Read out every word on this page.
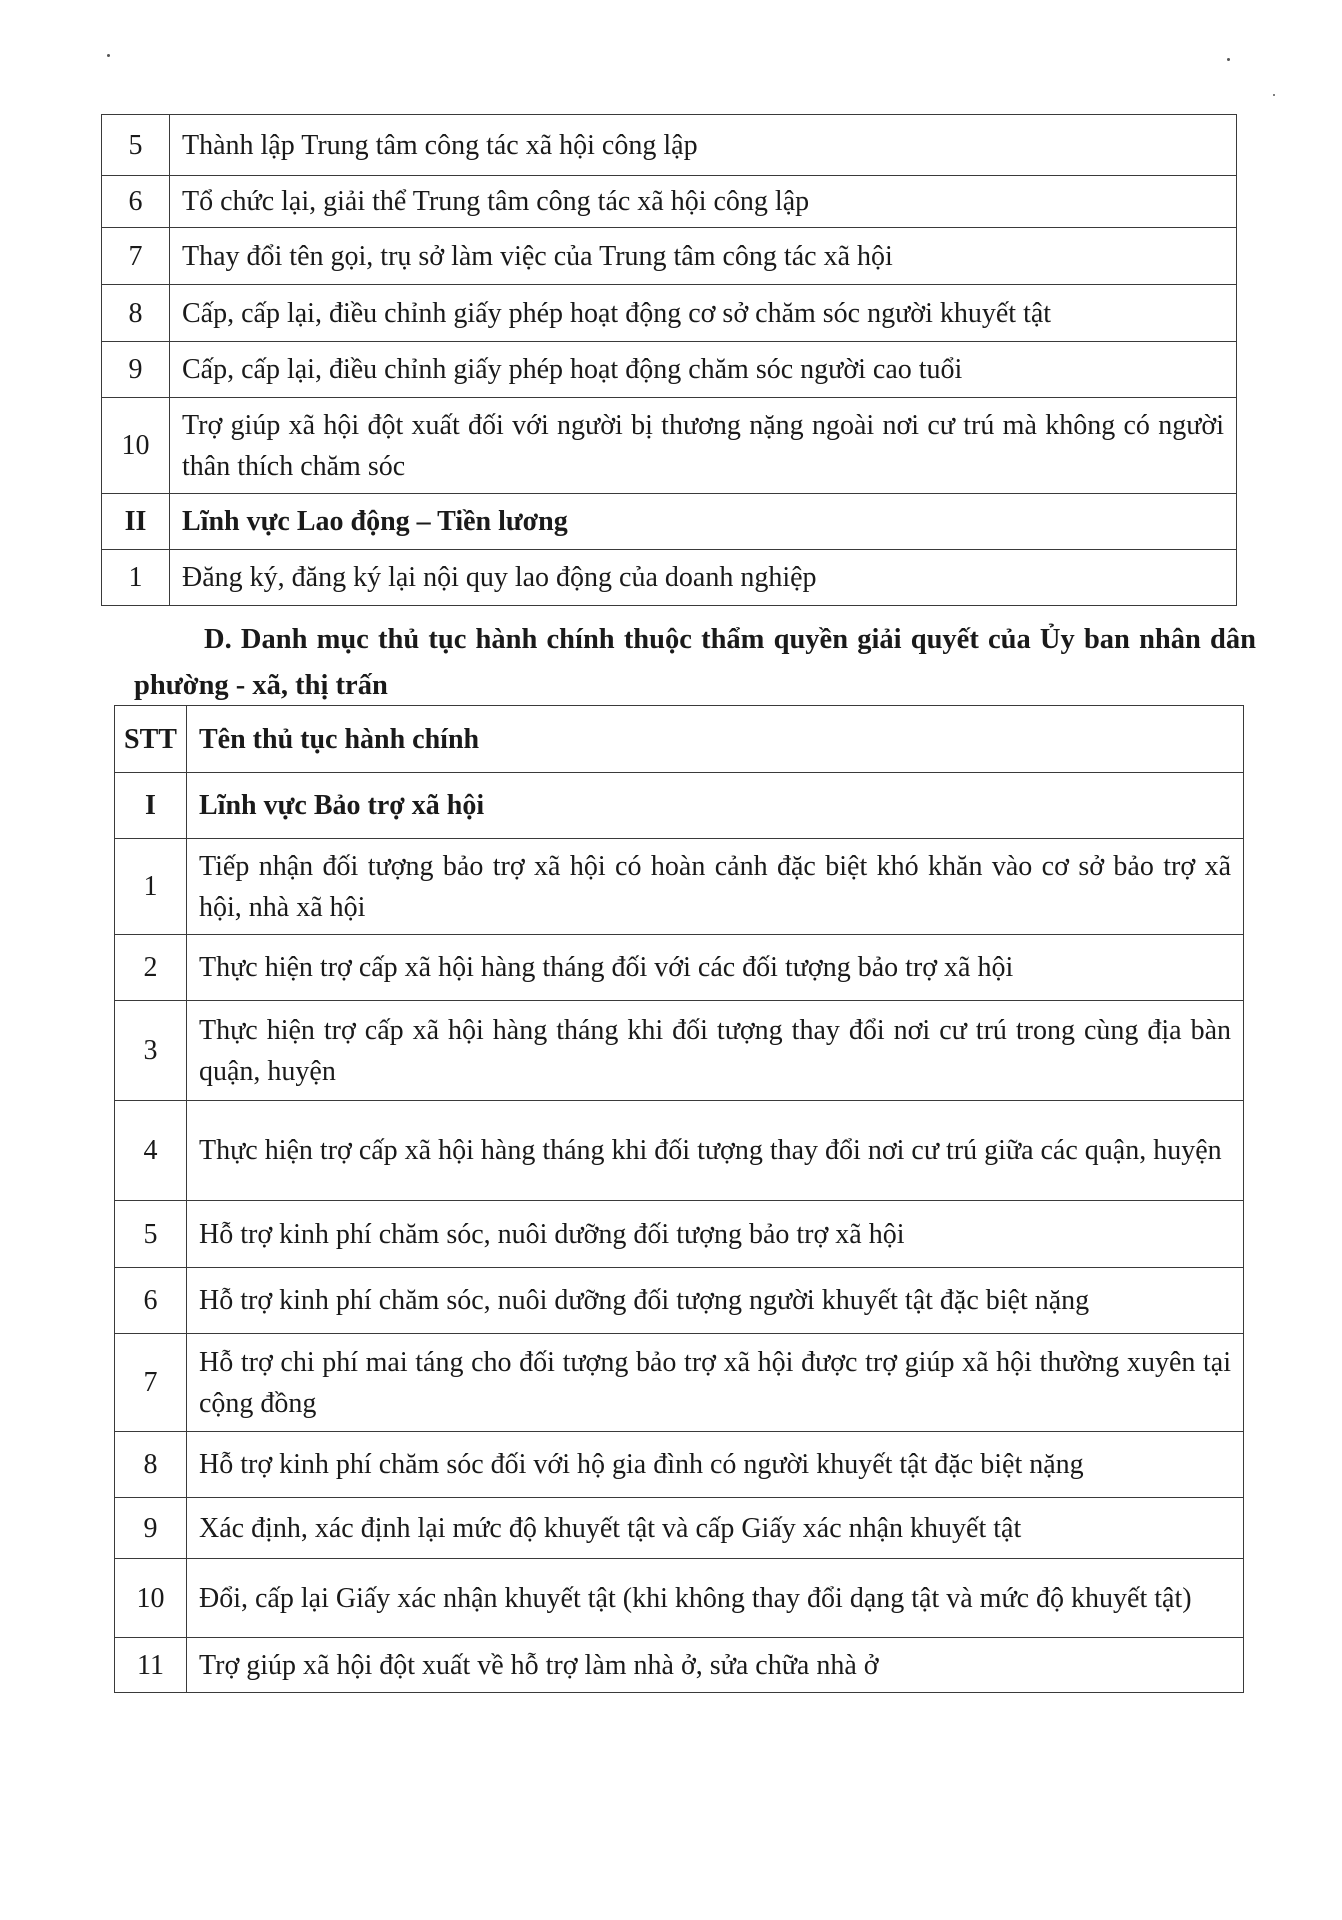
5	Thành lập Trung tâm công tác xã hội công lập
6	Tổ chức lại, giải thể Trung tâm công tác xã hội công lập
7	Thay đổi tên gọi, trụ sở làm việc của Trung tâm công tác xã hội
8	Cấp, cấp lại, điều chỉnh giấy phép hoạt động cơ sở chăm sóc người khuyết tật
9	Cấp, cấp lại, điều chỉnh giấy phép hoạt động chăm sóc người cao tuổi
10	Trợ giúp xã hội đột xuất đối với người bị thương nặng ngoài nơi cư trú mà không có người thân thích chăm sóc
II	Lĩnh vực Lao động – Tiền lương
1	Đăng ký, đăng ký lại nội quy lao động của doanh nghiệp
D. Danh mục thủ tục hành chính thuộc thẩm quyền giải quyết của Ủy ban nhân dân phường - xã, thị trấn
STT	Tên thủ tục hành chính
I	Lĩnh vực Bảo trợ xã hội
1	Tiếp nhận đối tượng bảo trợ xã hội có hoàn cảnh đặc biệt khó khăn vào cơ sở bảo trợ xã hội, nhà xã hội
2	Thực hiện trợ cấp xã hội hàng tháng đối với các đối tượng bảo trợ xã hội
3	Thực hiện trợ cấp xã hội hàng tháng khi đối tượng thay đổi nơi cư trú trong cùng địa bàn quận, huyện
4	Thực hiện trợ cấp xã hội hàng tháng khi đối tượng thay đổi nơi cư trú giữa các quận, huyện
5	Hỗ trợ kinh phí chăm sóc, nuôi dưỡng đối tượng bảo trợ xã hội
6	Hỗ trợ kinh phí chăm sóc, nuôi dưỡng đối tượng người khuyết tật đặc biệt nặng
7	Hỗ trợ chi phí mai táng cho đối tượng bảo trợ xã hội được trợ giúp xã hội thường xuyên tại cộng đồng
8	Hỗ trợ kinh phí chăm sóc đối với hộ gia đình có người khuyết tật đặc biệt nặng
9	Xác định, xác định lại mức độ khuyết tật và cấp Giấy xác nhận khuyết tật
10	Đổi, cấp lại Giấy xác nhận khuyết tật (khi không thay đổi dạng tật và mức độ khuyết tật)
11	Trợ giúp xã hội đột xuất về hỗ trợ làm nhà ở, sửa chữa nhà ở
